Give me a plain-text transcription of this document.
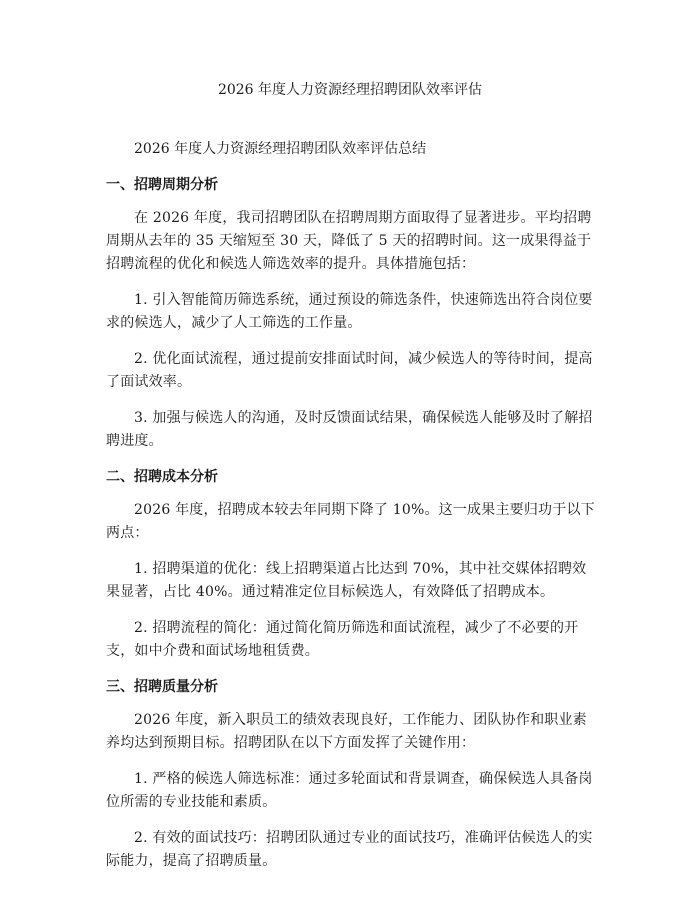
2026 年度人力资源经理招聘团队效率评估

2026 年度人力资源经理招聘团队效率评估总结

一、招聘周期分析

在 2026 年度，我司招聘团队在招聘周期方面取得了显著进步。平均招聘周期从去年的 35 天缩短至 30 天，降低了 5 天的招聘时间。这一成果得益于招聘流程的优化和候选人筛选效率的提升。具体措施包括：

1. 引入智能简历筛选系统，通过预设的筛选条件，快速筛选出符合岗位要求的候选人，减少了人工筛选的工作量。

2. 优化面试流程，通过提前安排面试时间，减少候选人的等待时间，提高了面试效率。

3. 加强与候选人的沟通，及时反馈面试结果，确保候选人能够及时了解招聘进度。

二、招聘成本分析

2026 年度，招聘成本较去年同期下降了 10%。这一成果主要归功于以下两点：

1. 招聘渠道的优化：线上招聘渠道占比达到 70%，其中社交媒体招聘效果显著，占比 40%。通过精准定位目标候选人，有效降低了招聘成本。

2. 招聘流程的简化：通过简化简历筛选和面试流程，减少了不必要的开支，如中介费和面试场地租赁费。

三、招聘质量分析

2026 年度，新入职员工的绩效表现良好，工作能力、团队协作和职业素养均达到预期目标。招聘团队在以下方面发挥了关键作用：

1. 严格的候选人筛选标准：通过多轮面试和背景调查，确保候选人具备岗位所需的专业技能和素质。

2. 有效的面试技巧：招聘团队通过专业的面试技巧，准确评估候选人的实际能力，提高了招聘质量。
